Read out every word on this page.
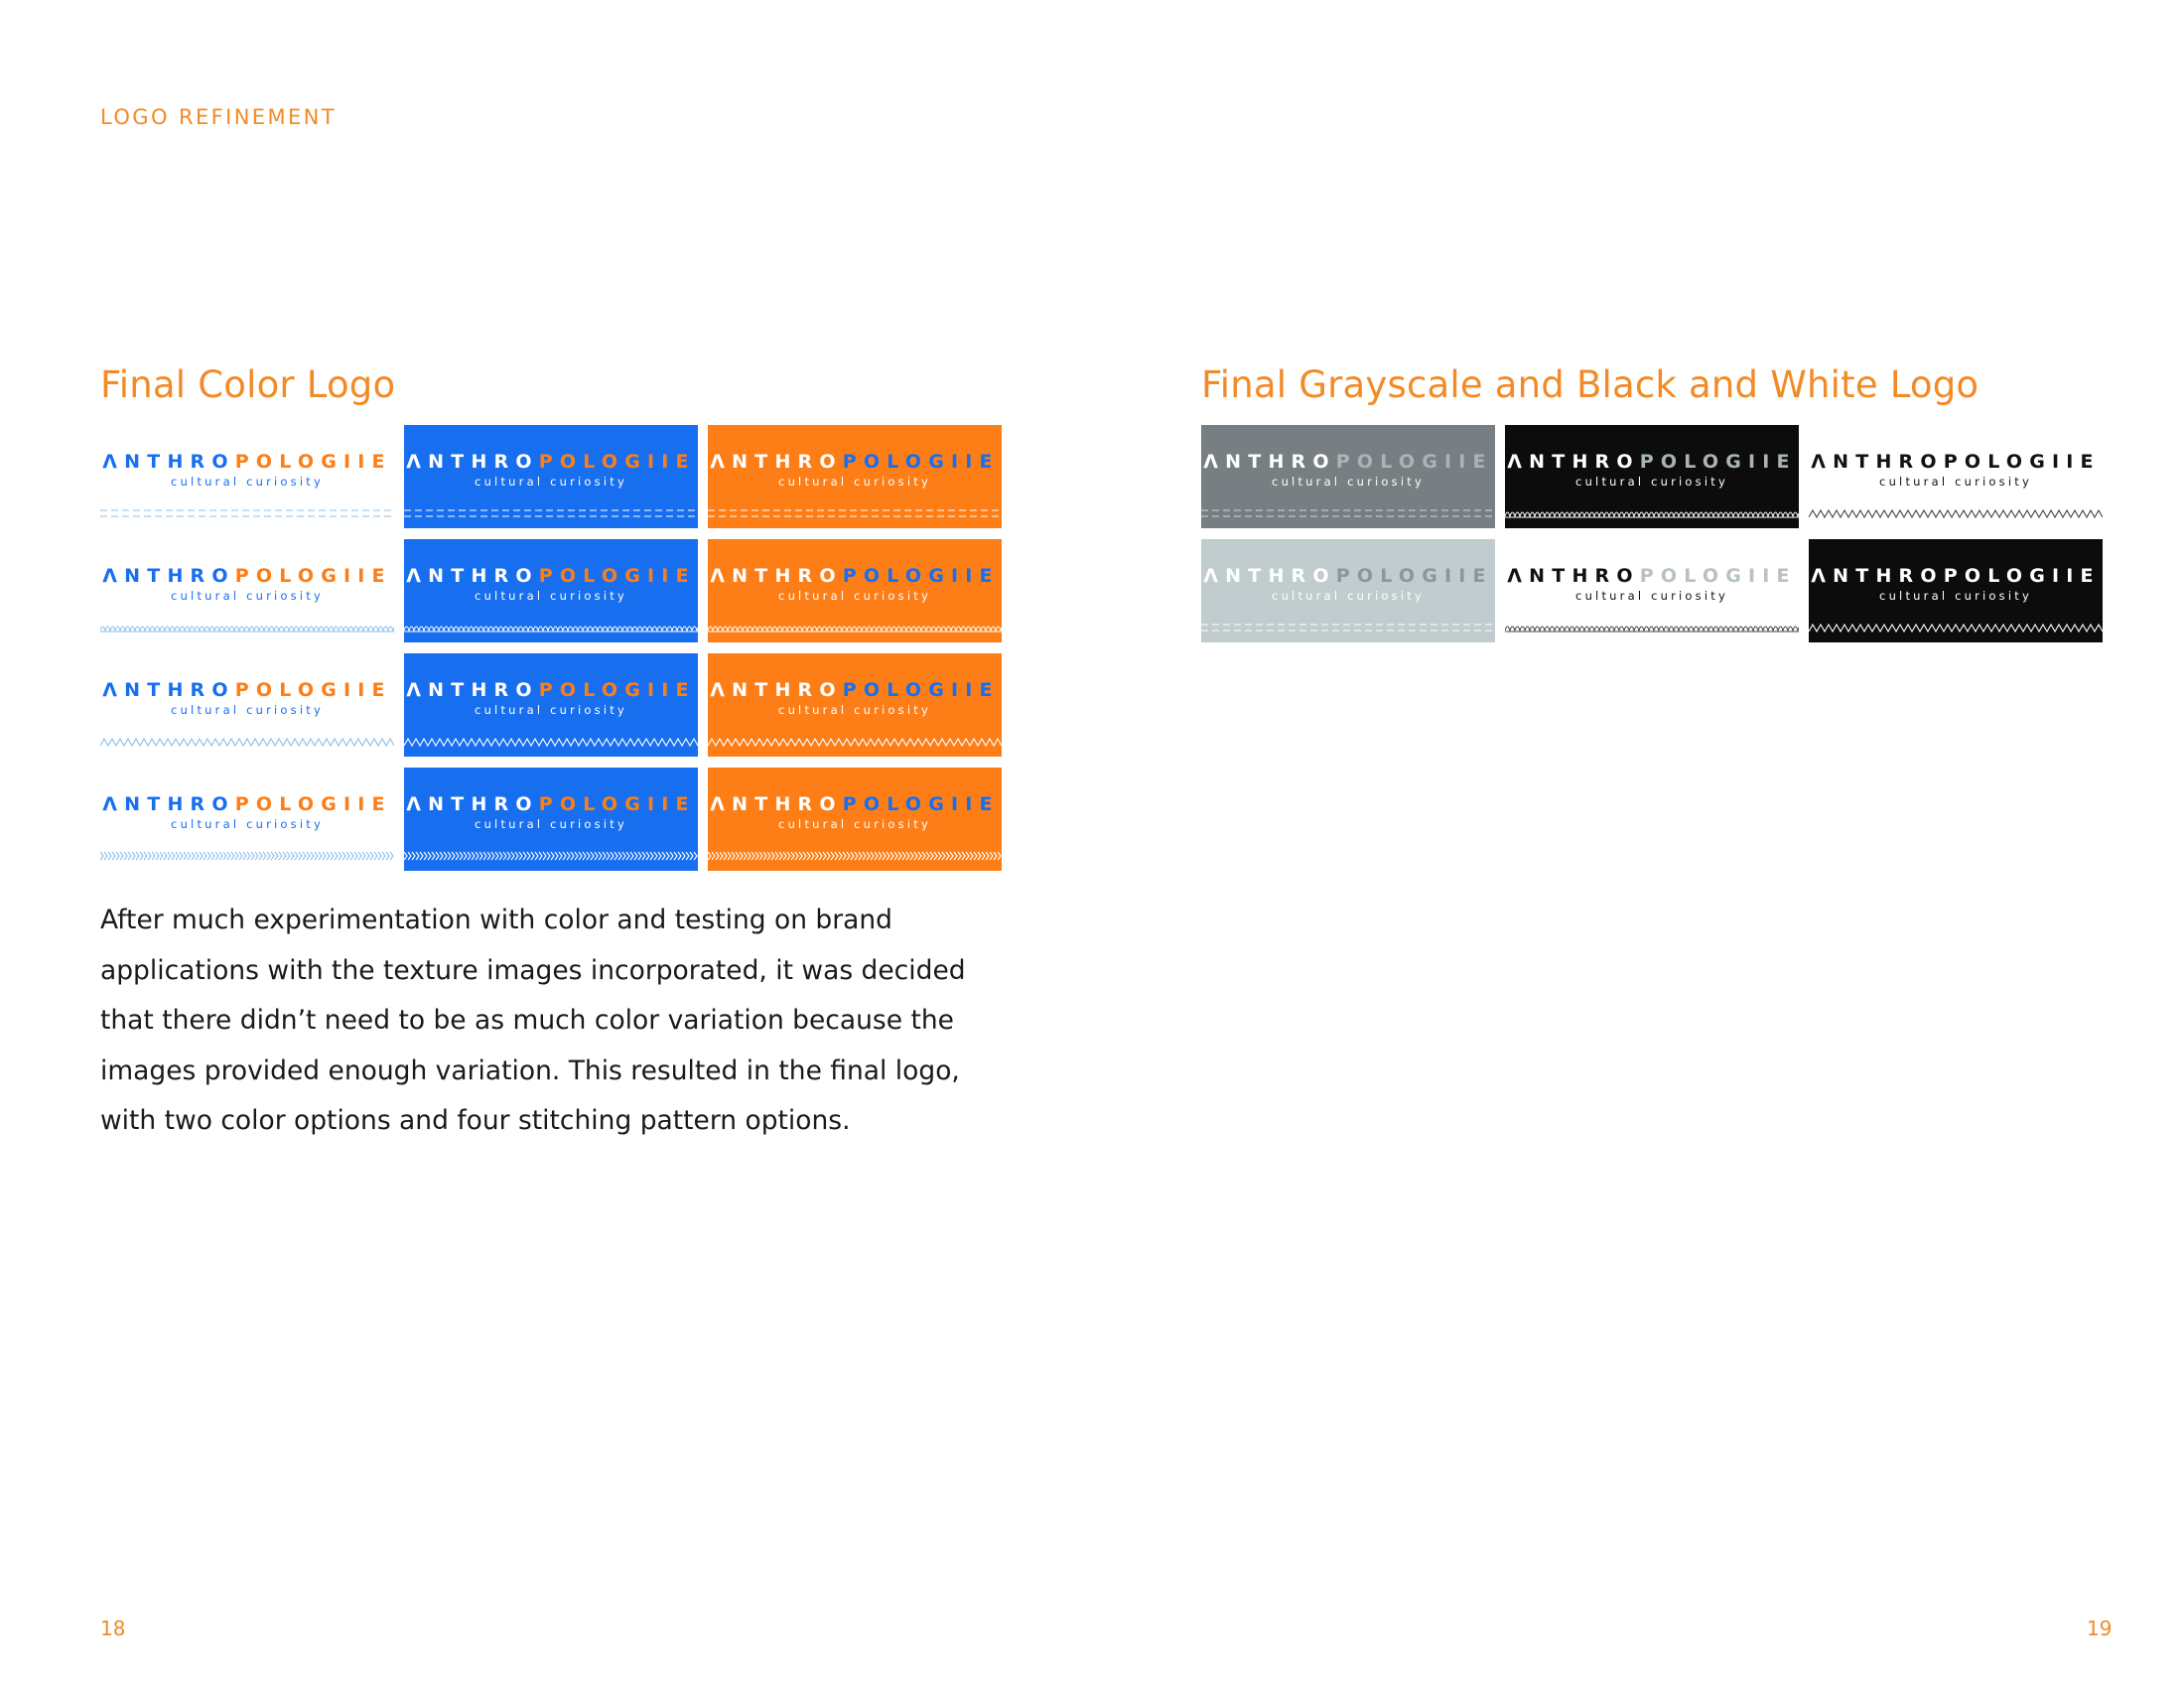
LOGO REFINEMENT
Final Color Logo	Final Grayscale and Black and White Logo
ΛNTHROPOLOGIIE
cultural curiosity
ΛNTHROPOLOGIIE
cultural curiosity
ΛNTHROPOLOGIIE
cultural curiosity
ΛNTHROPOLOGIIE
cultural curiosity
ΛNTHROPOLOGIIE
cultural curiosity
ΛNTHROPOLOGIIE
cultural curiosity
ΛNTHROPOLOGIIE
cultural curiosity
ΛNTHROPOLOGIIE
cultural curiosity
ΛNTHROPOLOGIIE
cultural curiosity
ΛNTHROPOLOGIIE
cultural curiosity
ΛNTHROPOLOGIIE
cultural curiosity
ΛNTHROPOLOGIIE
cultural curiosity
ΛNTHROPOLOGIIE
cultural curiosity
ΛNTHROPOLOGIIE
cultural curiosity
ΛNTHROPOLOGIIE
cultural curiosity
ΛNTHROPOLOGIIE
cultural curiosity
ΛNTHROPOLOGIIE
cultural curiosity
ΛNTHROPOLOGIIE
cultural curiosity

After much experimentation with color and testing on brand applications with the texture images incorporated, it was decided that there didn’t need to be as much color variation because the images provided enough variation. This resulted in the final logo, with two color options and four stitching pattern options.

18	19
